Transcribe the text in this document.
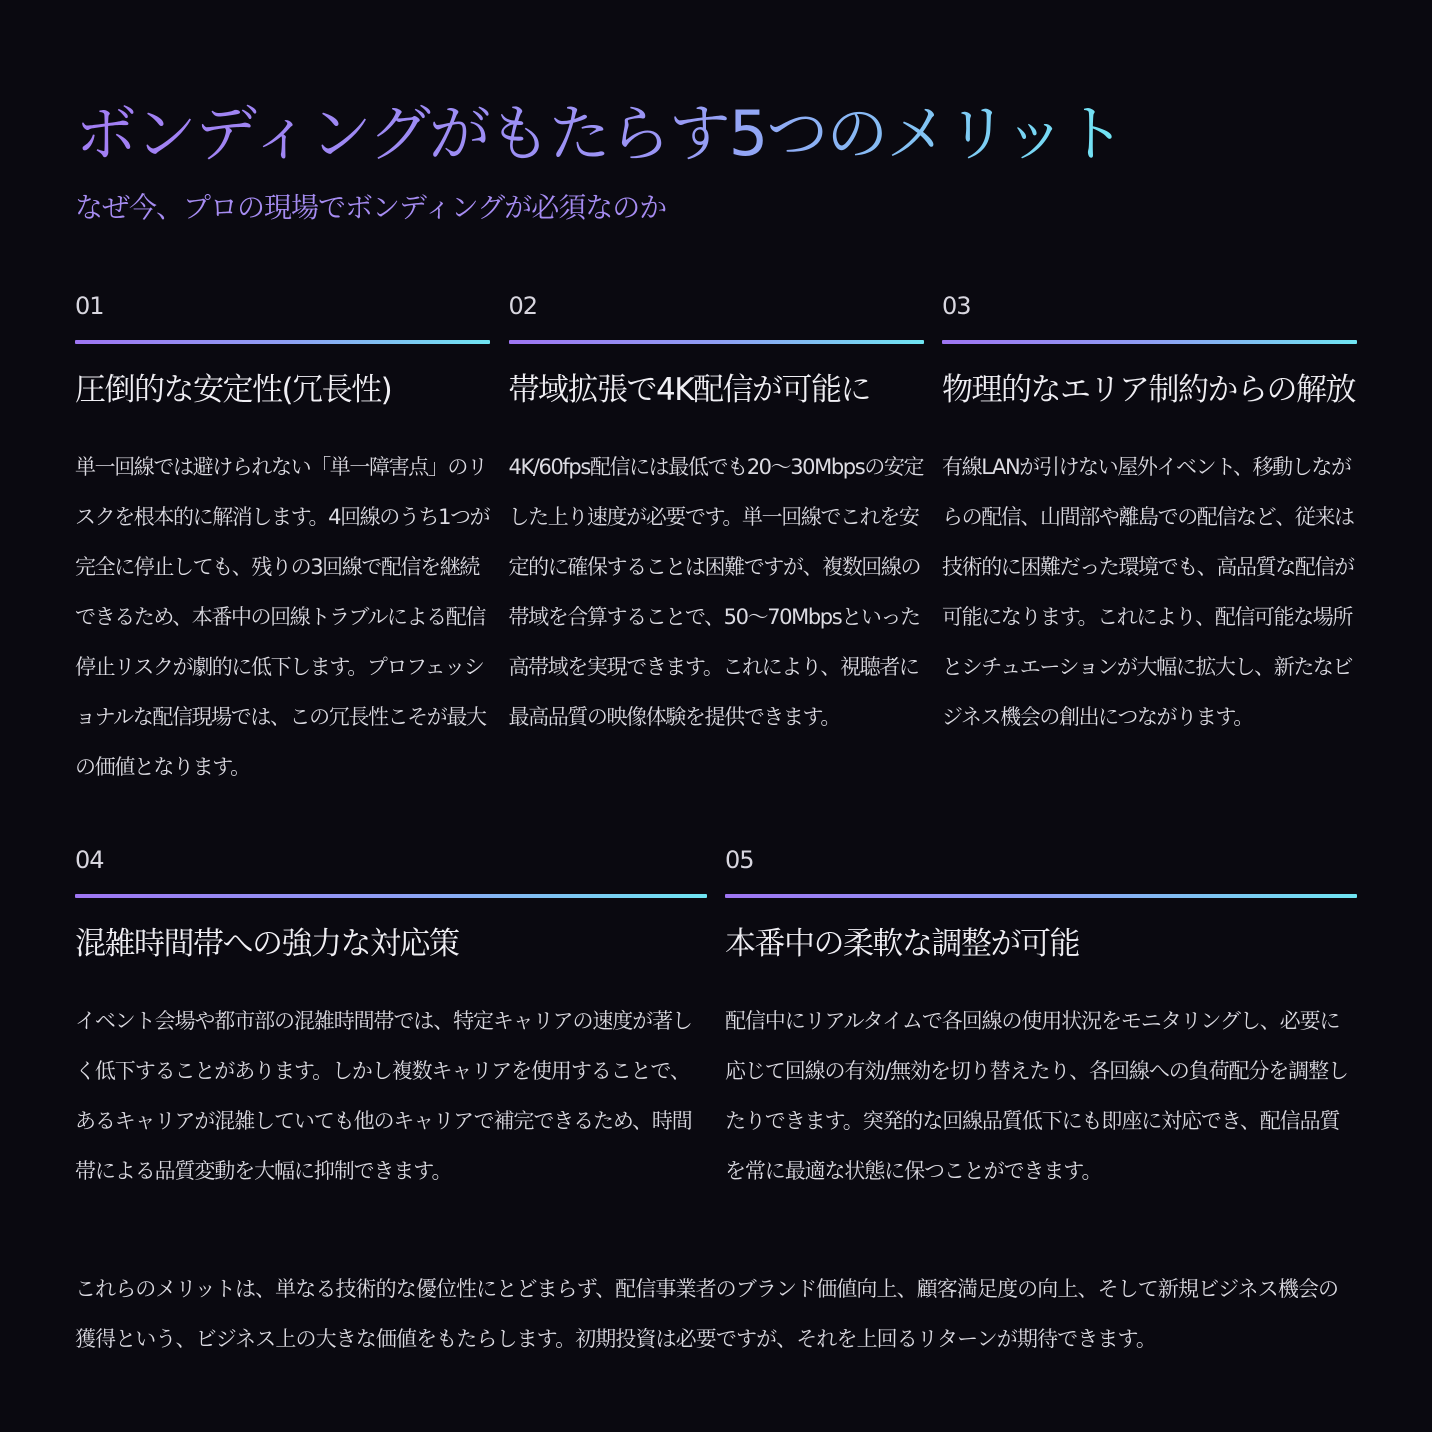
ボンディングがもたらす5つのメリット

なぜ今、プロの現場でボンディングが必須なのか

01
圧倒的な安定性(冗長性)

単一回線では避けられない「単一障害点」のリスクを根本的に解消します。4回線のうち1つが完全に停止しても、残りの3回線で配信を継続できるため、本番中の回線トラブルによる配信停止リスクが劇的に低下します。プロフェッショナルな配信現場では、この冗長性こそが最大の価値となります。

02
帯域拡張で4K配信が可能に

4K/60fps配信には最低でも20〜30Mbpsの安定した上り速度が必要です。単一回線でこれを安定的に確保することは困難ですが、複数回線の帯域を合算することで、50〜70Mbpsといった高帯域を実現できます。これにより、視聴者に最高品質の映像体験を提供できます。

03
物理的なエリア制約からの解放

有線LANが引けない屋外イベント、移動しながらの配信、山間部や離島での配信など、従来は技術的に困難だった環境でも、高品質な配信が可能になります。これにより、配信可能な場所とシチュエーションが大幅に拡大し、新たなビジネス機会の創出につながります。

04
混雑時間帯への強力な対応策

イベント会場や都市部の混雑時間帯では、特定キャリアの速度が著しく低下することがあります。しかし複数キャリアを使用することで、あるキャリアが混雑していても他のキャリアで補完できるため、時間帯による品質変動を大幅に抑制できます。

05
本番中の柔軟な調整が可能

配信中にリアルタイムで各回線の使用状況をモニタリングし、必要に応じて回線の有効/無効を切り替えたり、各回線への負荷配分を調整したりできます。突発的な回線品質低下にも即座に対応でき、配信品質を常に最適な状態に保つことができます。

これらのメリットは、単なる技術的な優位性にとどまらず、配信事業者のブランド価値向上、顧客満足度の向上、そして新規ビジネス機会の獲得という、ビジネス上の大きな価値をもたらします。初期投資は必要ですが、それを上回るリターンが期待できます。
